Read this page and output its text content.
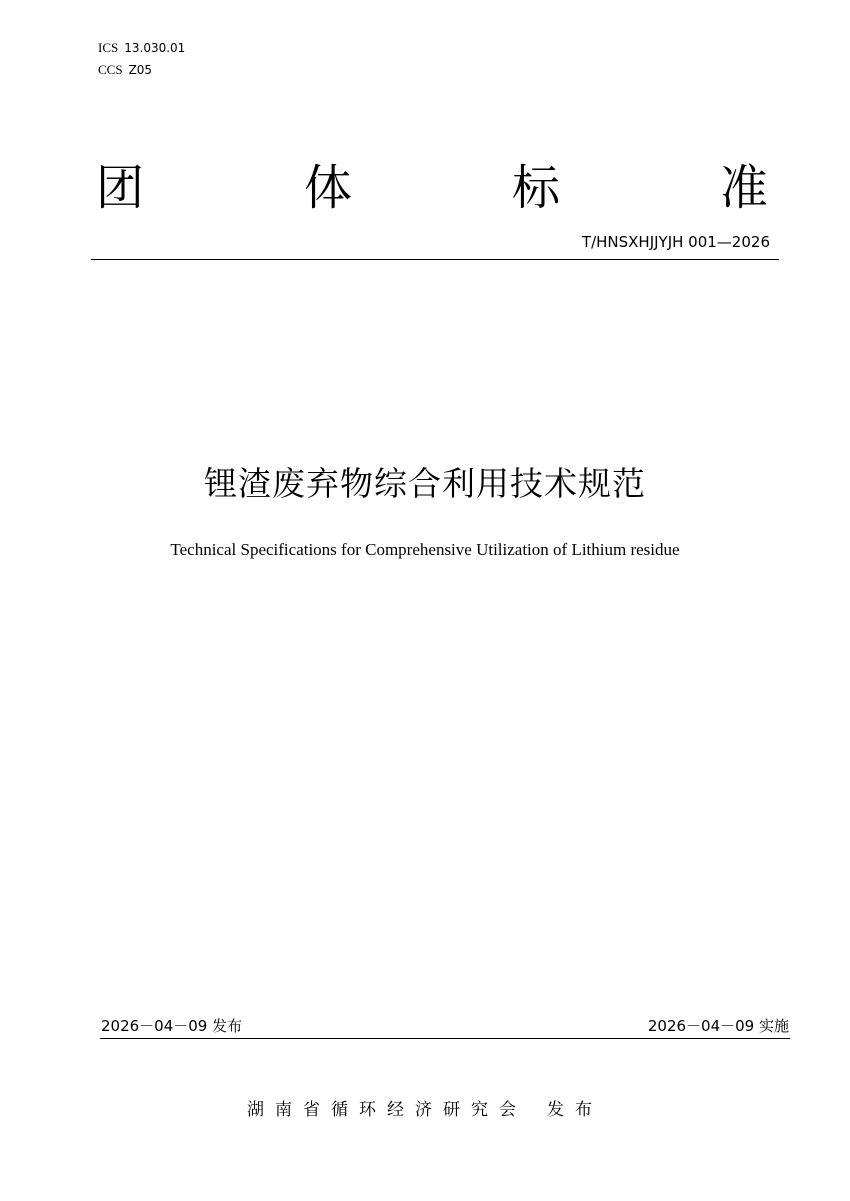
ICS 13.030.01
CCS Z05
团	体	标	准
T/HNSXHJJYJH 001—2026
锂渣废弃物综合利用技术规范
Technical Specifications for Comprehensive Utilization of Lithium residue
2026－04－09 发布	2026－04－09 实施
湖南省循环经济研究会 发布
